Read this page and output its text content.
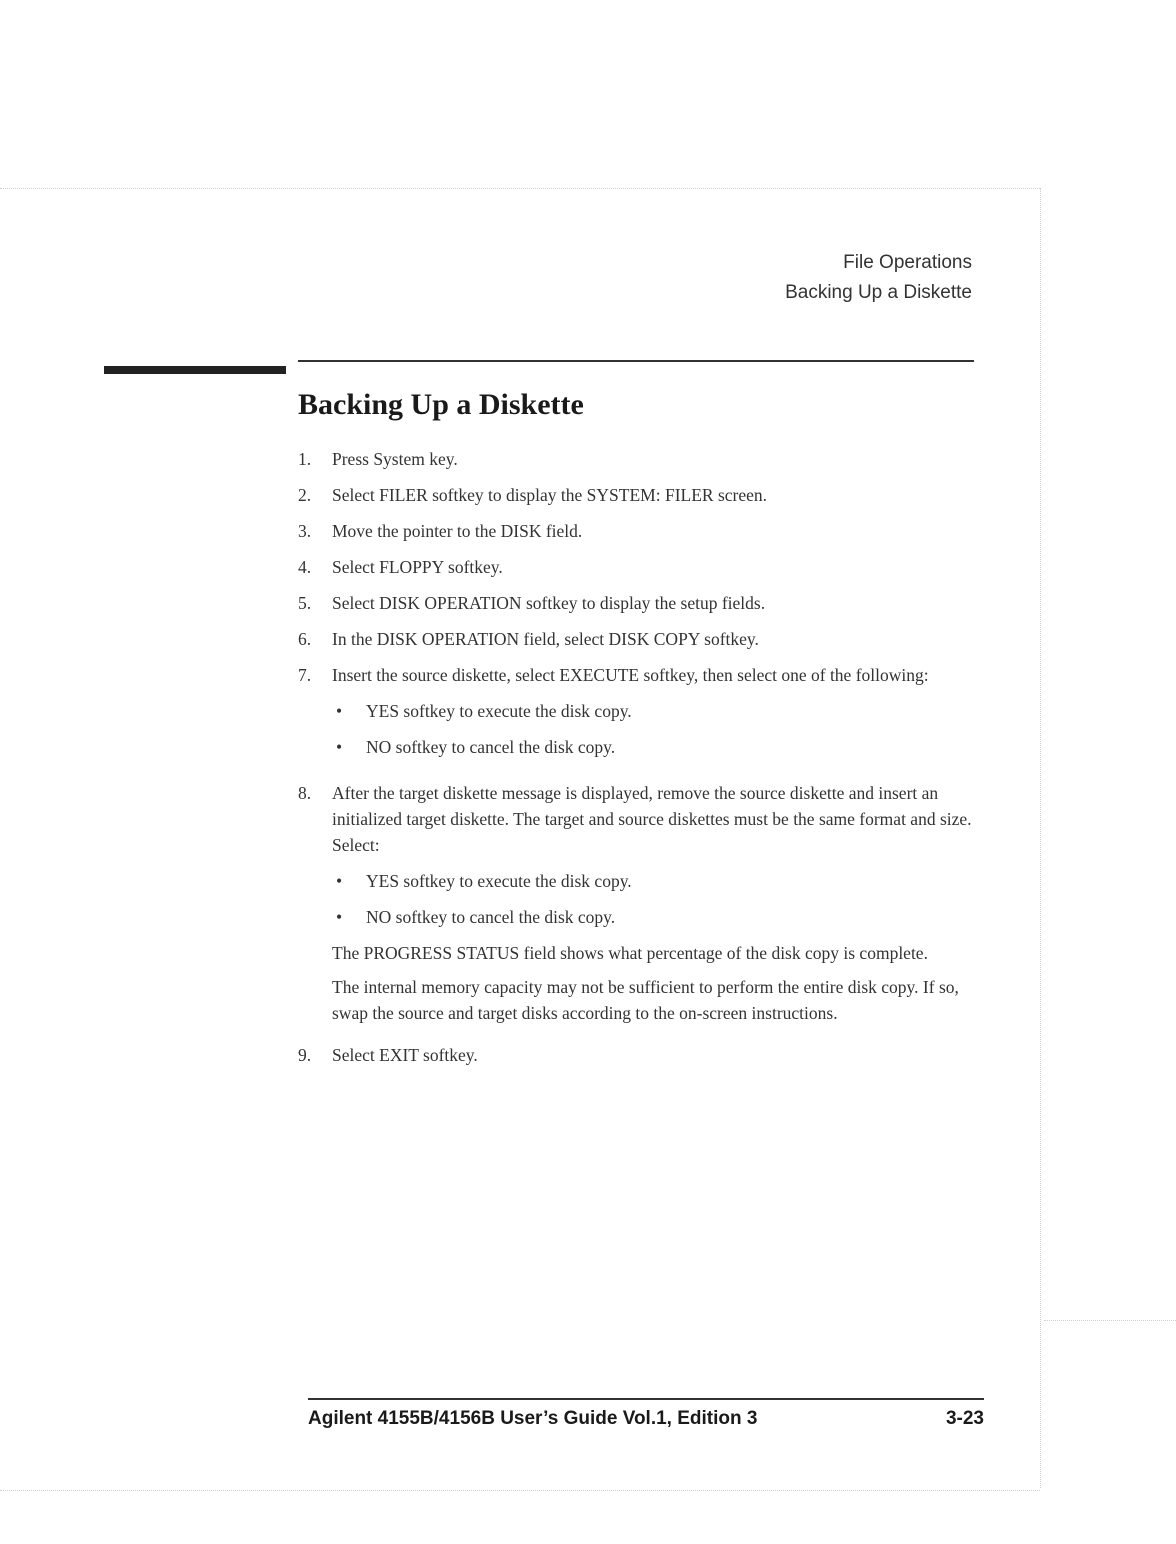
File Operations
Backing Up a Diskette
Backing Up a Diskette
1.	Press System key.
2.	Select FILER softkey to display the SYSTEM: FILER screen.
3.	Move the pointer to the DISK field.
4.	Select FLOPPY softkey.
5.	Select DISK OPERATION softkey to display the setup fields.
6.	In the DISK OPERATION field, select DISK COPY softkey.
7.	Insert the source diskette, select EXECUTE softkey, then select one of the following:
•	YES softkey to execute the disk copy.
•	NO softkey to cancel the disk copy.
8.	After the target diskette message is displayed, remove the source diskette and insert an initialized target diskette. The target and source diskettes must be the same format and size. Select:
•	YES softkey to execute the disk copy.
•	NO softkey to cancel the disk copy.
The PROGRESS STATUS field shows what percentage of the disk copy is complete.
The internal memory capacity may not be sufficient to perform the entire disk copy. If so, swap the source and target disks according to the on-screen instructions.
9.	Select EXIT softkey.
Agilent 4155B/4156B User’s Guide Vol.1, Edition 3	3-23
